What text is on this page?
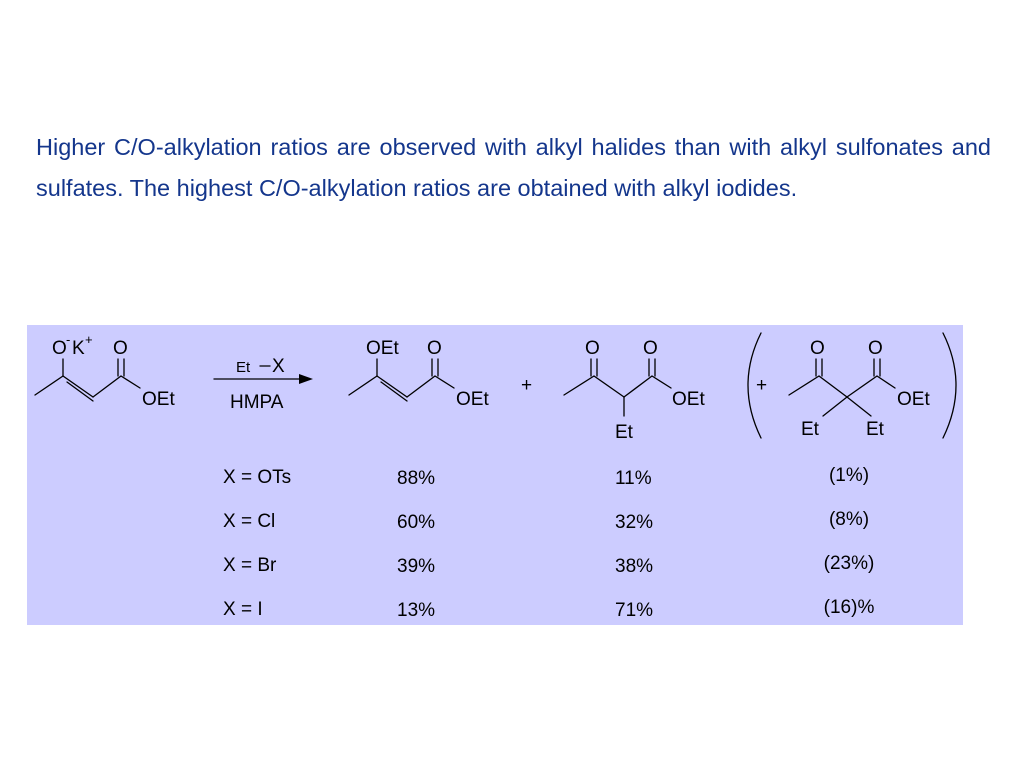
Higher C/O-alkylation ratios are observed with alkyl halides than with alkyl sulfonates and sulfates. The highest C/O-alkylation ratios are obtained with alkyl iodides.

O - K + O
OEt
Et X
HMPA
OEt O
OEt
+
O O
OEt
Et
+
O O
OEt
Et Et
X = OTs	88%	11%	(1%)
X = Cl	60%	32%	(8%)
X = Br	39%	38%	(23%)
X = I	13%	71%	(16)%
